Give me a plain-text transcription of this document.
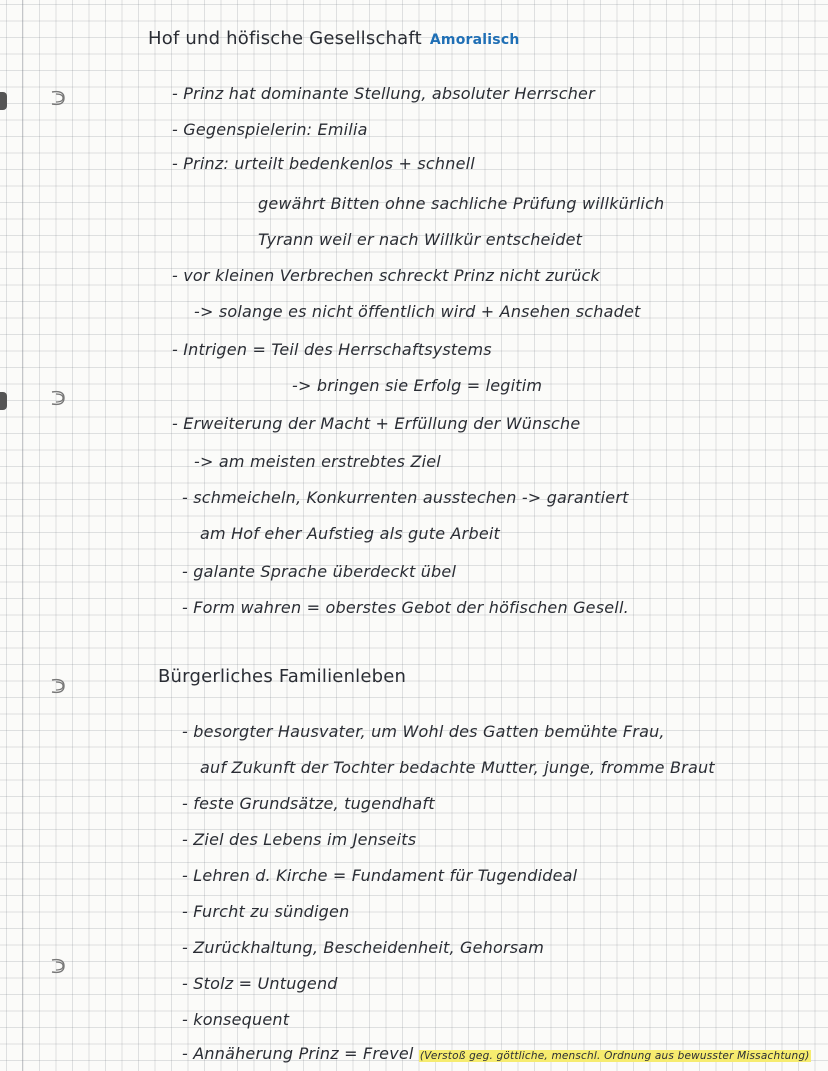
Hof und höfische Gesellschaft Amoralisch
- Prinz hat dominante Stellung, absoluter Herrscher
- Gegenspielerin: Emilia
- Prinz: urteilt bedenkenlos + schnell
gewährt Bitten ohne sachliche Prüfung willkürlich
Tyrann weil er nach Willkür entscheidet
- vor kleinen Verbrechen schreckt Prinz nicht zurück
-> solange es nicht öffentlich wird + Ansehen schadet
- Intrigen = Teil des Herrschaftsystems
-> bringen sie Erfolg = legitim
- Erweiterung der Macht + Erfüllung der Wünsche
-> am meisten erstrebtes Ziel
- schmeicheln, Konkurrenten ausstechen -> garantiert
am Hof eher Aufstieg als gute Arbeit
- galante Sprache überdeckt übel
- Form wahren = oberstes Gebot der höfischen Gesell.
Bürgerliches Familienleben
- besorgter Hausvater, um Wohl des Gatten bemühte Frau,
auf Zukunft der Tochter bedachte Mutter, junge, fromme Braut
- feste Grundsätze, tugendhaft
- Ziel des Lebens im Jenseits
- Lehren d. Kirche = Fundament für Tugendideal
- Furcht zu sündigen
- Zurückhaltung, Bescheidenheit, Gehorsam
- Stolz = Untugend
- konsequent
- Annäherung Prinz = Frevel (Verstoß geg. göttliche, menschl. Ordnung aus bewusster Missachtung)
